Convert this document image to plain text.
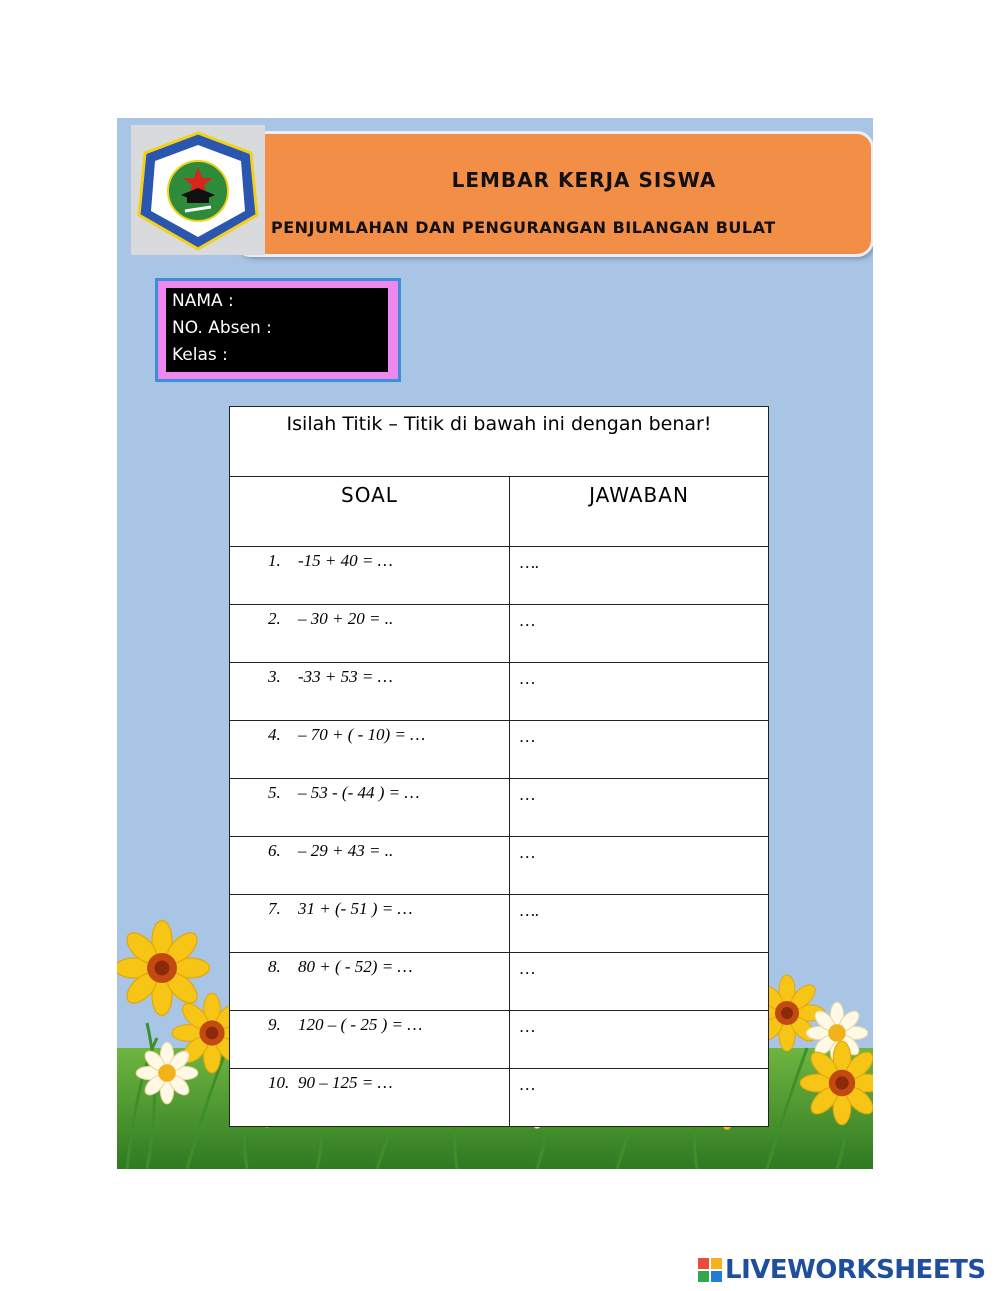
LEMBAR KERJA SISWA
PENJUMLAHAN DAN PENGURANGAN BILANGAN BULAT
NAMA :
NO. Absen :
Kelas :
Isilah Titik – Titik di bawah ini dengan benar!	
SOAL	JAWABAN
1. -15 + 40 = …	….
2. – 30 + 20 = ..	…
3. -33 + 53 = …	…
4. – 70 + ( - 10) = …	…
5. – 53 - (- 44 ) = …	…
6. – 29 + 43 = ..	…
7. 31 + (- 51 ) = …	….
8. 80 + ( - 52) = …	…
9. 120 – ( - 25 ) = …	…
10. 90 – 125 = …	…
LIVEWORKSHEETS
